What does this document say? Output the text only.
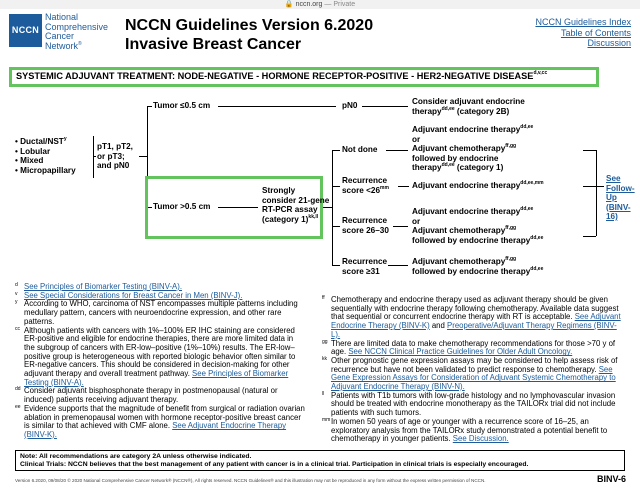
🔒 nccn.org — Private
NCCN
National
Comprehensive
Cancer
Network®
NCCN Guidelines Version 6.2020
Invasive Breast Cancer
NCCN Guidelines Index
Table of Contents
Discussion
SYSTEMIC ADJUVANT TREATMENT: NODE-NEGATIVE - HORMONE RECEPTOR-POSITIVE - HER2-NEGATIVE $DISEASE^{d,v,cc}$
• Ductal/NST$^y$
• Lobular
• Mixed
• Micropapillary
pT1, pT2,
or pT3;
and pN0
Tumor ≤0.5 cm
Tumor >0.5 cm
pN0	Consider adjuvant endocrine
therapy$^{dd,ee}$ (category 2B)
Strongly
consider 21-gene
RT-PCR assay
(category 1)$^{kk,ll}$
Not done
Adjuvant endocrine therapy$^{dd,ee}$
or
Adjuvant chemotherapy$^{ff,gg}$
followed by endocrine
therapy$^{dd,ee}$ (category 1)
Recurrence
score $<26^{mm}$	Adjuvant endocrine therapy$^{dd,ee,mm}$
Recurrence
score 26–30
Adjuvant endocrine therapy$^{dd,ee}$
or
Adjuvant chemotherapy$^{ff,gg}$
followed by endocrine therapy$^{dd,ee}$
Recurrence
score ≥31
Adjuvant chemotherapy$^{ff,gg}$
followed by endocrine therapy$^{dd,ee}$
See
Follow-Up
(BINV-16)
$^d$ See Principles of Biomarker Testing (BINV-A).
$^v$ See Special Considerations for Breast Cancer in Men (BINV-J).
$^y$ According to WHO, carcinoma of NST encompasses multiple patterns including medullary pattern, cancers with neuroendocrine expression, and other rare patterns.
$^{cc}$ Although patients with cancers with 1%–100% ER IHC staining are considered ER-positive and eligible for endocrine therapies, there are more limited data in the subgroup of cancers with ER-low–positive (1%–10%) results. The ER-low–positive group is heterogeneous with reported biologic behavior often similar to ER-negative cancers. This should be considered in decision-making for other adjuvant therapy and overall treatment pathway. See Principles of Biomarker Testing (BINV-A).
$^{dd}$ Consider adjuvant bisphosphonate therapy in postmenopausal (natural or induced) patients receiving adjuvant therapy.
$^{ee}$ Evidence supports that the magnitude of benefit from surgical or radiation ovarian ablation in premenopausal women with hormone receptor-positive breast cancer is similar to that achieved with CMF alone. See Adjuvant Endocrine Therapy (BINV-K).
$^{ff}$ Chemotherapy and endocrine therapy used as adjuvant therapy should be given sequentially with endocrine therapy following chemotherapy. Available data suggest that sequential or concurrent endocrine therapy with RT is acceptable. See Adjuvant Endocrine Therapy (BINV-K) and Preoperative/Adjuvant Therapy Regimens (BINV-L).
$^{gg}$ There are limited data to make chemotherapy recommendations for those >70 y of age. See NCCN Clinical Practice Guidelines for Older Adult Oncology.
$^{kk}$ Other prognostic gene expression assays may be considered to help assess risk of recurrence but have not been validated to predict response to chemotherapy. See Gene Expression Assays for Consideration of Adjuvant Systemic Chemotherapy to Adjuvant Endocrine Therapy (BINV-N).
$^{ll}$ Patients with T1b tumors with low-grade histology and no lymphovascular invasion should be treated with endocrine monotherapy as the TAILORx trial did not include patients with such tumors.
$^{mm}$In women 50 years of age or younger with a recurrence score of 16–25, an exploratory analysis from the TAILORx study demonstrated a potential benefit to chemotherapy in younger patients. See Discussion.
Note: All recommendations are category 2A unless otherwise indicated.
Clinical Trials: NCCN believes that the best management of any patient with cancer is in a clinical trial. Participation in clinical trials is especially encouraged.
Version 6.2020, 09/08/20 © 2020 National Comprehensive Cancer Network® (NCCN®), All rights reserved. NCCN Guidelines® and this illustration may not be reproduced in any form without the express written permission of NCCN.	BINV-6
